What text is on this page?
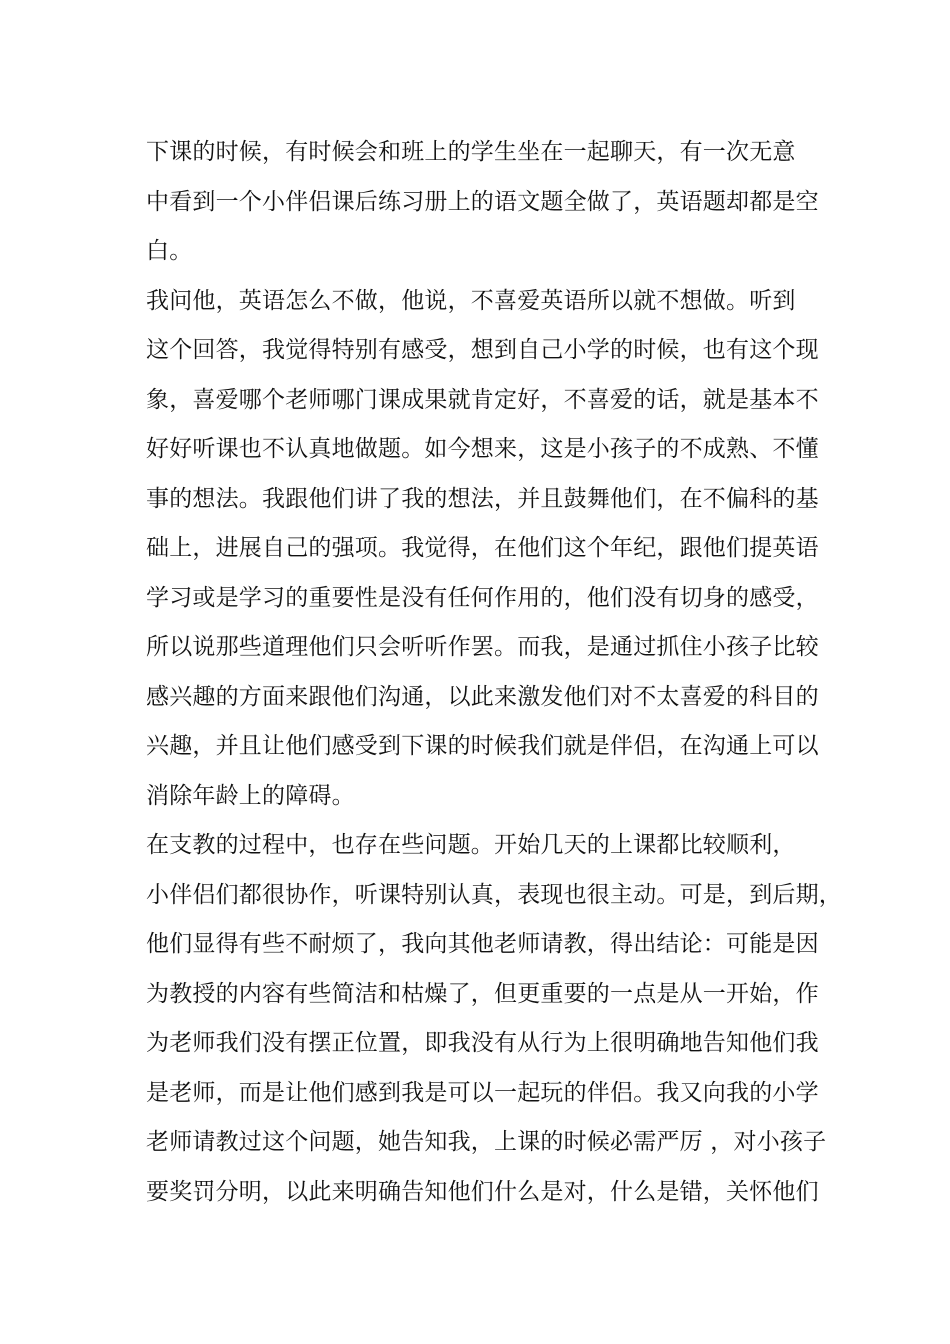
下课的时候，有时候会和班上的学生坐在一起聊天，有一次无意
中看到一个小伴侣课后练习册上的语文题全做了，英语题却都是空
白。
我问他，英语怎么不做，他说，不喜爱英语所以就不想做。听到
这个回答，我觉得特别有感受，想到自己小学的时候，也有这个现
象，喜爱哪个老师哪门课成果就肯定好，不喜爱的话，就是基本不
好好听课也不认真地做题。如今想来，这是小孩子的不成熟、不懂
事的想法。我跟他们讲了我的想法，并且鼓舞他们，在不偏科的基
础上，进展自己的强项。我觉得，在他们这个年纪，跟他们提英语
学习或是学习的重要性是没有任何作用的，他们没有切身的感受，
所以说那些道理他们只会听听作罢。而我，是通过抓住小孩子比较
感兴趣的方面来跟他们沟通，以此来激发他们对不太喜爱的科目的
兴趣，并且让他们感受到下课的时候我们就是伴侣，在沟通上可以
消除年龄上的障碍。
在支教的过程中，也存在些问题。开始几天的上课都比较顺利，
小伴侣们都很协作，听课特别认真，表现也很主动。可是，到后期，
他们显得有些不耐烦了，我向其他老师请教，得出结论：可能是因
为教授的内容有些简洁和枯燥了，但更重要的一点是从一开始，作
为老师我们没有摆正位置，即我没有从行为上很明确地告知他们我
是老师，而是让他们感到我是可以一起玩的伴侣。我又向我的小学
老师请教过这个问题，她告知我，上课的时候必需严厉 ，对小孩子
要奖罚分明，以此来明确告知他们什么是对，什么是错，关怀他们
